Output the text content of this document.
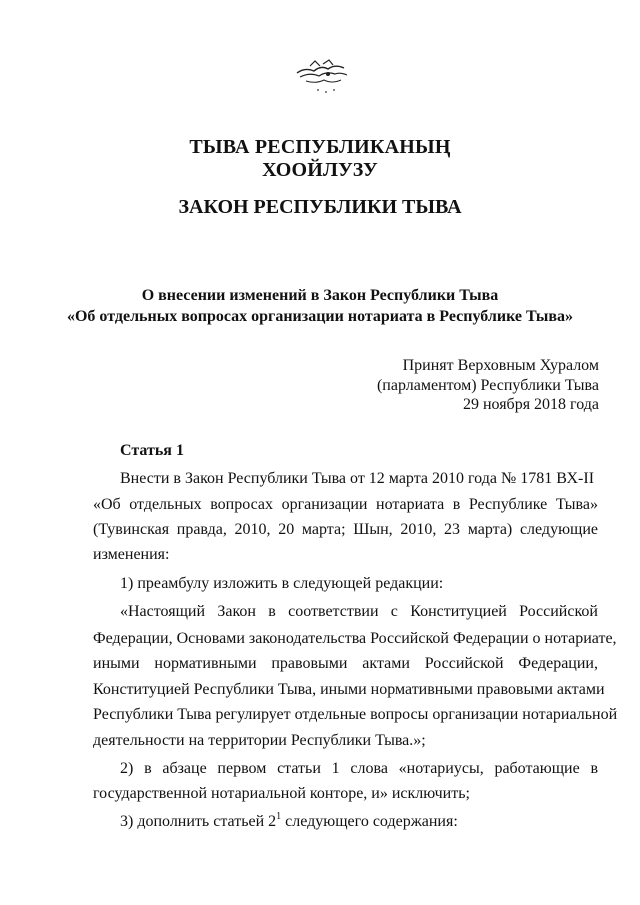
ТЫВА РЕСПУБЛИКАНЫҢ
ХООЙЛУЗУ
ЗАКОН РЕСПУБЛИКИ ТЫВА
О внесении изменений в Закон Республики Тыва
«Об отдельных вопросах организации нотариата в Республике Тыва»
Принят Верховным Хуралом
(парламентом) Республики Тыва
29 ноября 2018 года
Статья 1
Внести в Закон Республики Тыва от 12 марта 2010 года № 1781 ВХ-II
«Об отдельных вопросах организации нотариата в Республике Тыва»
(Тувинская правда, 2010, 20 марта; Шын, 2010, 23 марта) следующие
изменения:
1) преамбулу изложить в следующей редакции:
«Настоящий Закон в соответствии с Конституцией Российской
Федерации, Основами законодательства Российской Федерации о нотариате,
иными нормативными правовыми актами Российской Федерации,
Конституцией Республики Тыва, иными нормативными правовыми актами
Республики Тыва регулирует отдельные вопросы организации нотариальной
деятельности на территории Республики Тыва.»;
2) в абзаце первом статьи 1 слова «нотариусы, работающие в
государственной нотариальной конторе, и» исключить;
3) дополнить статьей $2^1$ следующего содержания:
